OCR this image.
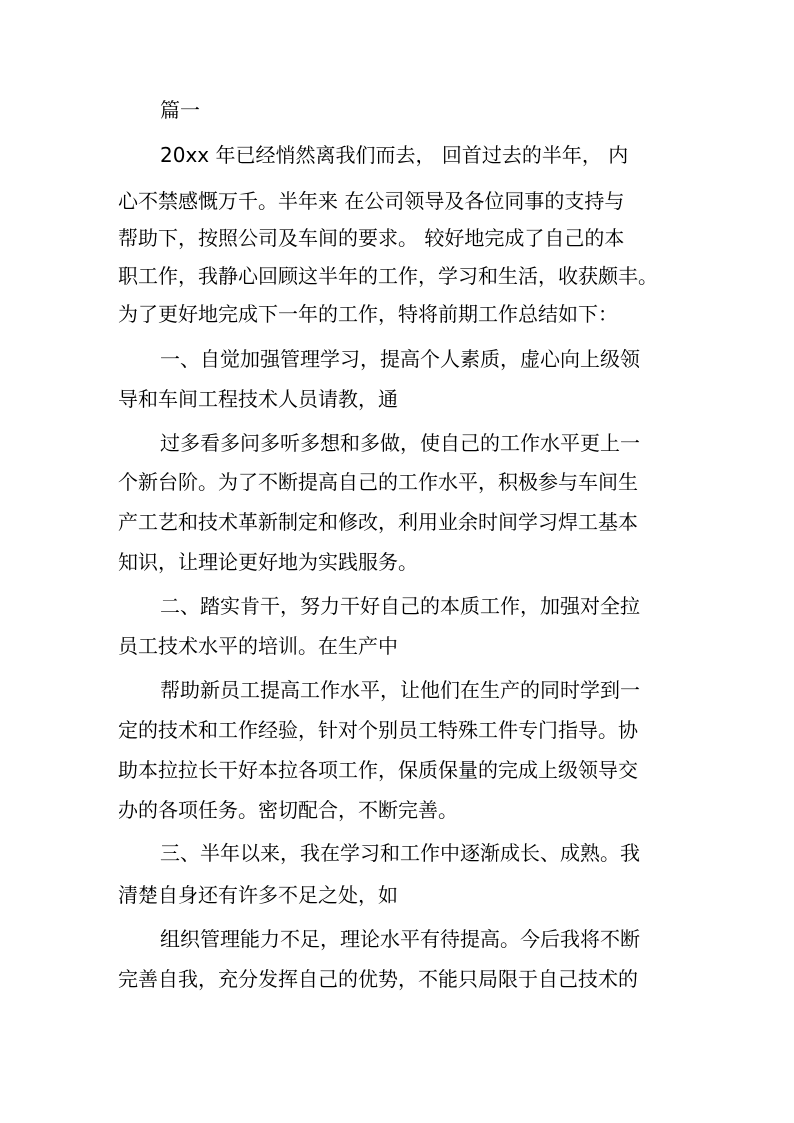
篇一
20xx 年已经悄然离我们而去， 回首过去的半年， 内
心不禁感慨万千。半年来 在公司领导及各位同事的支持与
帮助下，按照公司及车间的要求。 较好地完成了自己的本
职工作，我静心回顾这半年的工作，学习和生活，收获颇丰。
为了更好地完成下一年的工作，特将前期工作总结如下：
一、自觉加强管理学习，提高个人素质，虚心向上级领
导和车间工程技术人员请教，通
过多看多问多听多想和多做，使自己的工作水平更上一
个新台阶。为了不断提高自己的工作水平，积极参与车间生
产工艺和技术革新制定和修改，利用业余时间学习焊工基本
知识，让理论更好地为实践服务。
二、踏实肯干，努力干好自己的本质工作，加强对全拉
员工技术水平的培训。在生产中
帮助新员工提高工作水平，让他们在生产的同时学到一
定的技术和工作经验，针对个别员工特殊工件专门指导。协
助本拉拉长干好本拉各项工作，保质保量的完成上级领导交
办的各项任务。密切配合，不断完善。
三、半年以来，我在学习和工作中逐渐成长、成熟。我
清楚自身还有许多不足之处，如
组织管理能力不足，理论水平有待提高。今后我将不断
完善自我，充分发挥自己的优势，不能只局限于自己技术的
